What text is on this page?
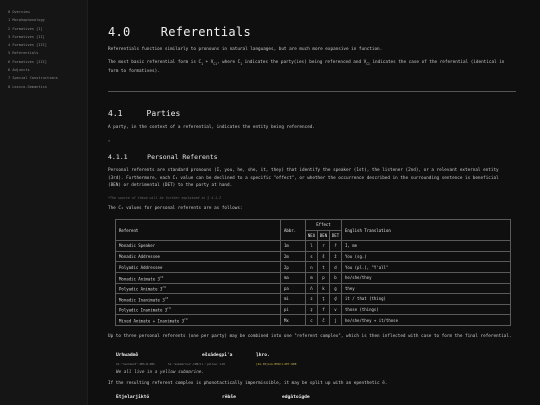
0 Overview
1 Morphophonology
2 Formatives [I]
3 Formatives [II]
4 Formatives [III]
5 Referentials
6 Formatives [III]
6 Adjuncts
7 Special Constructions
8 Lexico-Semantics
4.0	Referentials
Referentials function similarly to pronouns in natural languages, but are much more expansive in function.
The most basic referential form is $C_1 + V_{C1}$, where $C_1$ indicates the party(ies) being referenced and $V_{C1}$ indicates the case of the referential (identical in form to formatives).
4.1	Parties
A party, in the context of a referential, indicates the entity being referenced.
¤
4.1.1	Personal Referents
Personal referents are standard pronouns (I, you, he, she, it, they) that identify the speaker (1st), the listener (2nd), or a relevant external entity (3rd). Furthermore, each C₁ value can be declined to a specific "effect", or whether the occurrence described in the surrounding sentence is beneficial (BEN) or detrimental (DET) to the party at hand.
*The source of these will be further explained in § 4.1.2
The C₁ values for personal referents are as follows:
Referent	Abbr.	Effect			English Translation
		NEU	BEN	DET	
Monadic Speaker	1m	l	r	ř	I, me
Monadic Addressee	2m	s	š	ž	You (sg.)
Polyadic Addressee	2p	n	t	d	You (pl.), "Y'all"
Monadic Animate 3rd	ma	m	p	b	he/she/they
Polyadic Animate 3rd	pa	ň	k	g	they
Monadic Inanimate 3rd	mi	z	ţ	ḑ	it / that (thing)
Polyadic Inanimate 3rd	pi	ẓ	f	v	those (things)
Mixed Animate + Inanimate 3rd	Mx	c	č	j	he/she/they + it/those
Up to three personal referents (one per party) may be combined into one "referent complex", which is then inflected with case to form the final referential.
Urhwadmô	ešxădeşpi'a	ļkro.
S1-"resident"-PRS.N-OBS	S1-"submarine"-CPR/ii.'yellow'-LOC	[2m.PZ]aim.BEN/1-DET.RN8
We all live in a yellow submarine.
If the resulting referent complex is phonotactically impermissible, it may be split up with an epenthetic ë.
Etjelarjiktö	rëbše	edgătoigde
